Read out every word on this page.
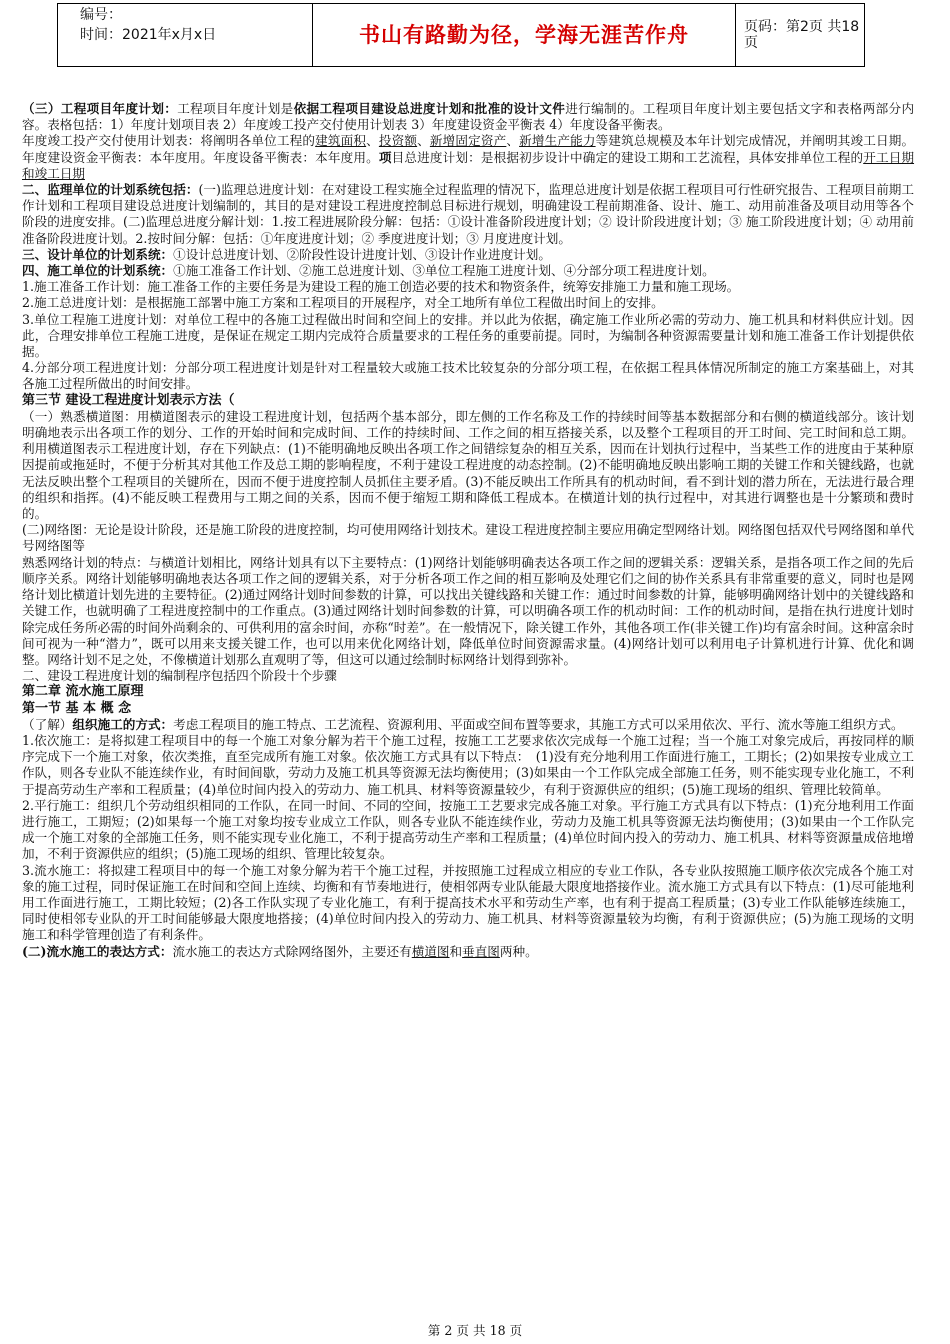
编号：
时间：2021年x月x日	书山有路勤为径，学海无涯苦作舟	页码：第2页 共18页

（三）工程项目年度计划：工程项目年度计划是依据工程项目建设总进度计划和批准的设计文件进行编制的。工程项目年度计划主要包括文字和表格两部分内容。表格包括：1）年度计划项目表 2）年度竣工投产交付使用计划表 3）年度建设资金平衡表 4）年度设备平衡表。

年度竣工投产交付使用计划表：将阐明各单位工程的建筑面积、投资额、新增固定资产、新增生产能力等建筑总规模及本年计划完成情况，并阐明其竣工日期。年度建设资金平衡表：本年度用。年度设备平衡表：本年度用。项目总进度计划：是根据初步设计中确定的建设工期和工艺流程，具体安排单位工程的开工日期和竣工日期

二、监理单位的计划系统包括：(一)监理总进度计划：在对建设工程实施全过程监理的情况下，监理总进度计划是依据工程项目可行性研究报告、工程项目前期工作计划和工程项目建设总进度计划编制的，其目的是对建设工程进度控制总目标进行规划，明确建设工程前期准备、设计、施工、动用前准备及项目动用等各个阶段的进度安排。(二)监理总进度分解计划：1.按工程进展阶段分解：包括：①设计准备阶段进度计划；② 设计阶段进度计划；③ 施工阶段进度计划；④ 动用前准备阶段进度计划。2.按时间分解：包括：①年度进度计划；② 季度进度计划；③ 月度进度计划。

三、设计单位的计划系统：①设计总进度计划、②阶段性设计进度计划、③设计作业进度计划。

四、施工单位的计划系统：①施工准备工作计划、②施工总进度计划、③单位工程施工进度计划、④分部分项工程进度计划。

1.施工准备工作计划：施工准备工作的主要任务是为建设工程的施工创造必要的技术和物资条件，统筹安排施工力量和施工现场。

2.施工总进度计划：是根据施工部署中施工方案和工程项目的开展程序，对全工地所有单位工程做出时间上的安排。

3.单位工程施工进度计划：对单位工程中的各施工过程做出时间和空间上的安排。并以此为依据，确定施工作业所必需的劳动力、施工机具和材料供应计划。因此，合理安排单位工程施工进度，是保证在规定工期内完成符合质量要求的工程任务的重要前提。同时，为编制各种资源需要量计划和施工准备工作计划提供依据。

4.分部分项工程进度计划：分部分项工程进度计划是针对工程量较大或施工技术比较复杂的分部分项工程，在依据工程具体情况所制定的施工方案基础上，对其各施工过程所做出的时间安排。

第三节 建设工程进度计划表示方法（

（一）熟悉横道图：用横道图表示的建设工程进度计划，包括两个基本部分，即左侧的工作名称及工作的持续时间等基本数据部分和右侧的横道线部分。该计划明确地表示出各项工作的划分、工作的开始时间和完成时间、工作的持续时间、工作之间的相互搭接关系，以及整个工程项目的开工时间、完工时间和总工期。利用横道图表示工程进度计划，存在下列缺点：(1)不能明确地反映出各项工作之间错综复杂的相互关系，因而在计划执行过程中，当某些工作的进度由于某种原因提前或拖延时，不便于分析其对其他工作及总工期的影响程度，不利于建设工程进度的动态控制。(2)不能明确地反映出影响工期的关键工作和关键线路，也就无法反映出整个工程项目的关键所在，因而不便于进度控制人员抓住主要矛盾。(3)不能反映出工作所具有的机动时间，看不到计划的潜力所在，无法进行最合理的组织和指挥。(4)不能反映工程费用与工期之间的关系，因而不便于缩短工期和降低工程成本。在横道计划的执行过程中，对其进行调整也是十分繁琐和费时的。

(二)网络图：无论是设计阶段，还是施工阶段的进度控制，均可使用网络计划技术。建设工程进度控制主要应用确定型网络计划。网络图包括双代号网络图和单代号网络图等

熟悉网络计划的特点：与横道计划相比，网络计划具有以下主要特点：(1)网络计划能够明确表达各项工作之间的逻辑关系：逻辑关系，是指各项工作之间的先后顺序关系。网络计划能够明确地表达各项工作之间的逻辑关系，对于分析各项工作之间的相互影响及处理它们之间的协作关系具有非常重要的意义，同时也是网络计划比横道计划先进的主要特征。(2)通过网络计划时间参数的计算，可以找出关键线路和关键工作：通过时间参数的计算，能够明确网络计划中的关键线路和关键工作，也就明确了工程进度控制中的工作重点。(3)通过网络计划时间参数的计算，可以明确各项工作的机动时间：工作的机动时间，是指在执行进度计划时除完成任务所必需的时间外尚剩余的、可供利用的富余时间，亦称“时差”。在一般情况下，除关键工作外，其他各项工作(非关键工作)均有富余时间。这种富余时间可视为一种“潜力”，既可以用来支援关键工作，也可以用来优化网络计划，降低单位时间资源需求量。(4)网络计划可以利用电子计算机进行计算、优化和调整。网络计划不足之处，不像横道计划那么直观明了等，但这可以通过绘制时标网络计划得到弥补。

二、建设工程进度计划的编制程序包括四个阶段十个步骤

第二章 流水施工原理

第一节 基 本 概 念

（了解）组织施工的方式：考虑工程项目的施工特点、工艺流程、资源利用、平面或空间布置等要求，其施工方式可以采用依次、平行、流水等施工组织方式。

1.依次施工：是将拟建工程项目中的每一个施工对象分解为若干个施工过程，按施工工艺要求依次完成每一个施工过程；当一个施工对象完成后，再按同样的顺序完成下一个施工对象，依次类推，直至完成所有施工对象。依次施工方式具有以下特点：　(1)没有充分地利用工作面进行施工，工期长；(2)如果按专业成立工作队，则各专业队不能连续作业，有时间间歇，劳动力及施工机具等资源无法均衡使用；(3)如果由一个工作队完成全部施工任务，则不能实现专业化施工，不利于提高劳动生产率和工程质量；(4)单位时间内投入的劳动力、施工机具、材料等资源量较少，有利于资源供应的组织；(5)施工现场的组织、管理比较简单。

2.平行施工：组织几个劳动组织相同的工作队，在同一时间、不同的空间，按施工工艺要求完成各施工对象。平行施工方式具有以下特点：(1)充分地利用工作面进行施工，工期短；(2)如果每一个施工对象均按专业成立工作队，则各专业队不能连续作业，劳动力及施工机具等资源无法均衡使用；(3)如果由一个工作队完成一个施工对象的全部施工任务，则不能实现专业化施工，不利于提高劳动生产率和工程质量；(4)单位时间内投入的劳动力、施工机具、材料等资源量成倍地增加，不利于资源供应的组织；(5)施工现场的组织、管理比较复杂。

3.流水施工：将拟建工程项目中的每一个施工对象分解为若干个施工过程，并按照施工过程成立相应的专业工作队，各专业队按照施工顺序依次完成各个施工对象的施工过程，同时保证施工在时间和空间上连续、均衡和有节奏地进行，使相邻两专业队能最大限度地搭接作业。流水施工方式具有以下特点：(1)尽可能地利用工作面进行施工，工期比较短；(2)各工作队实现了专业化施工，有利于提高技术水平和劳动生产率，也有利于提高工程质量；(3)专业工作队能够连续施工，同时使相邻专业队的开工时间能够最大限度地搭接；(4)单位时间内投入的劳动力、施工机具、材料等资源量较为均衡，有利于资源供应；(5)为施工现场的文明施工和科学管理创造了有利条件。

(二)流水施工的表达方式：流水施工的表达方式除网络图外，主要还有横道图和垂直图两种。

第 2 页 共 18 页
